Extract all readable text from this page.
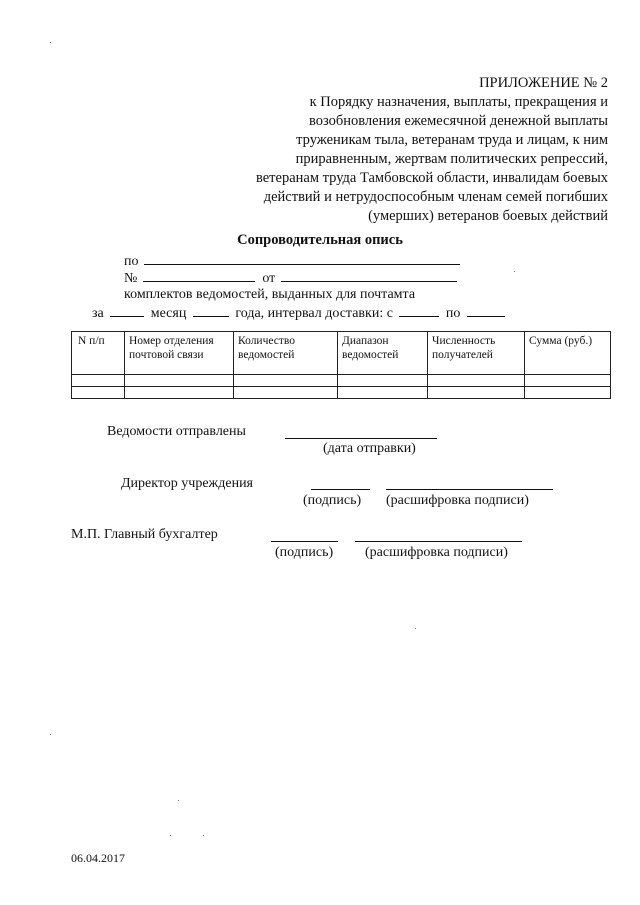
ПРИЛОЖЕНИЕ № 2
к Порядку назначения, выплаты, прекращения и
возобновления ежемесячной денежной выплаты
труженикам тыла, ветеранам труда и лицам, к ним
приравненным, жертвам политических репрессий,
ветеранам труда Тамбовской области, инвалидам боевых
действий и нетрудоспособным членам семей погибших
(умерших) ветеранов боевых действий
Сопроводительная опись
по
№	от
комплектов ведомостей, выданных для почтамта
за	месяц	года, интервал доставки: с	по
N п/п	Номер отделения почтовой связи	Количество ведомостей	Диапазон ведомостей	Численность получателей	Сумма (руб.)

Ведомости отправлены
(дата отправки)
Директор учреждения
(подпись) (расшифровка подписи)
М.П. Главный бухгалтер
(подпись) (расшифровка подписи)
06.04.2017
